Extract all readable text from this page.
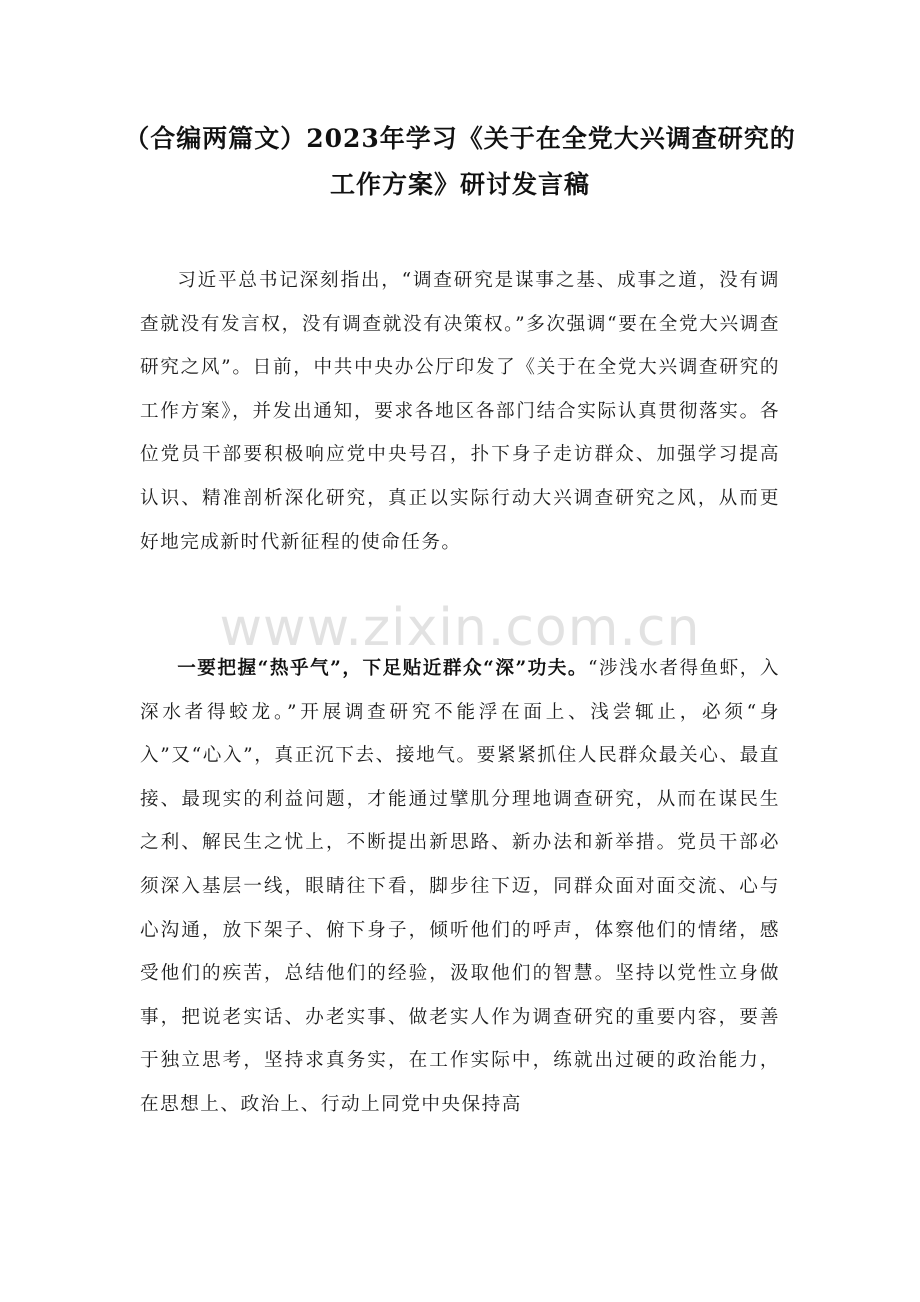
（合编两篇文）2023年学习《关于在全党大兴调查研究的工作方案》研讨发言稿

习近平总书记深刻指出，“调查研究是谋事之基、成事之道，没有调查就没有发言权，没有调查就没有决策权。”多次强调“要在全党大兴调查研究之风”。日前，中共中央办公厅印发了《关于在全党大兴调查研究的工作方案》，并发出通知，要求各地区各部门结合实际认真贯彻落实。各位党员干部要积极响应党中央号召，扑下身子走访群众、加强学习提高认识、精准剖析深化研究，真正以实际行动大兴调查研究之风，从而更好地完成新时代新征程的使命任务。

www.zixin.com.cn

一要把握“热乎气”，下足贴近群众“深”功夫。“涉浅水者得鱼虾，入深水者得蛟龙。”开展调查研究不能浮在面上、浅尝辄止，必须“身入”又“心入”，真正沉下去、接地气。要紧紧抓住人民群众最关心、最直接、最现实的利益问题，才能通过擘肌分理地调查研究，从而在谋民生之利、解民生之忧上，不断提出新思路、新办法和新举措。党员干部必须深入基层一线，眼睛往下看，脚步往下迈，同群众面对面交流、心与心沟通，放下架子、俯下身子，倾听他们的呼声，体察他们的情绪，感受他们的疾苦，总结他们的经验，汲取他们的智慧。坚持以党性立身做事，把说老实话、办老实事、做老实人作为调查研究的重要内容，要善于独立思考，坚持求真务实，在工作实际中，练就出过硬的政治能力，在思想上、政治上、行动上同党中央保持高
